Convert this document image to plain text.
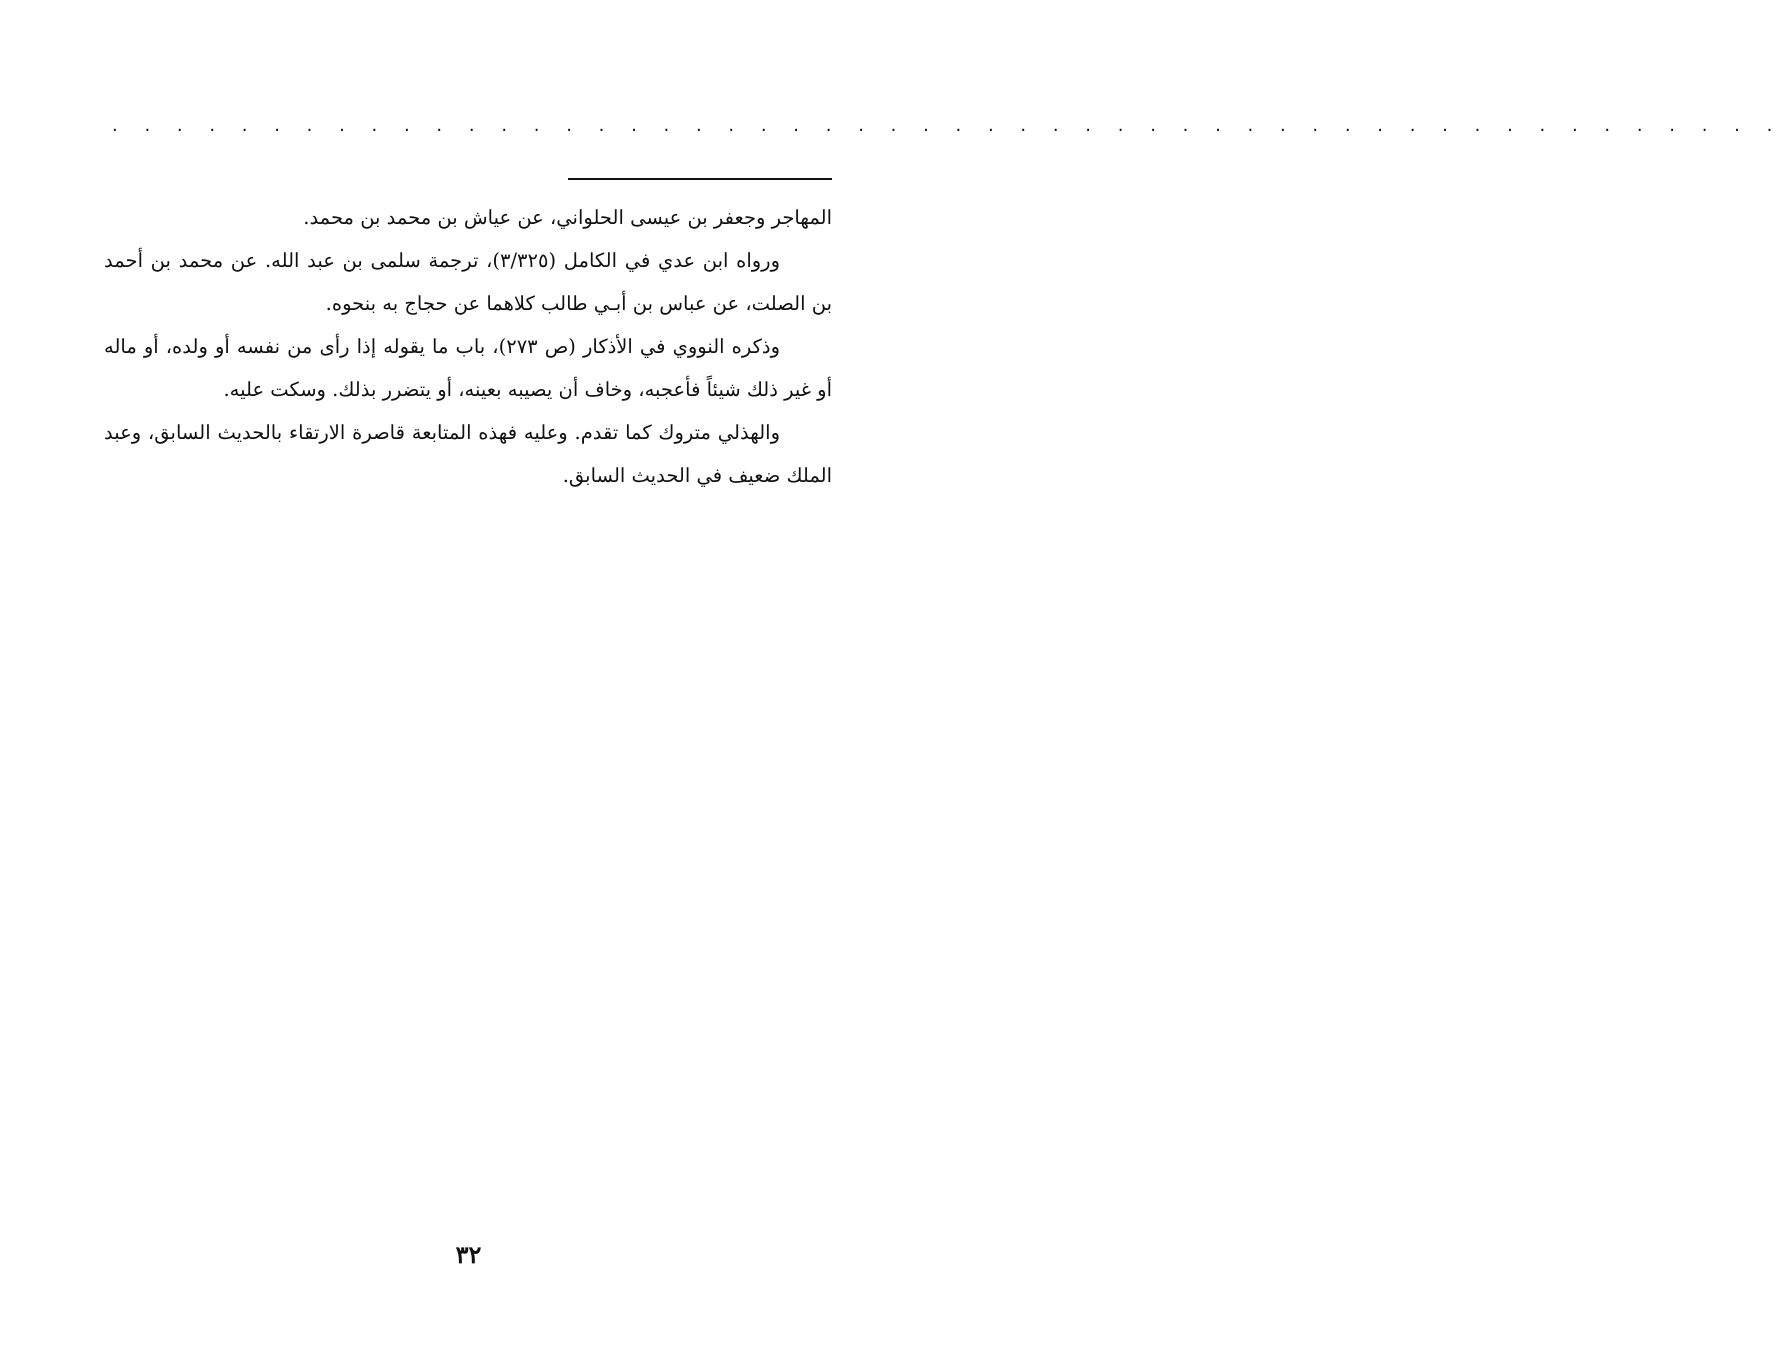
. . . . . . . . . . . . . . . . . . . . . . . . . . . . . . . . . . . . . . . . . . . . . . . . . . . .

المهاجر وجعفر بن عيسى الحلواني، عن عياش بن محمد بن محمد.

ورواه ابن عدي في الكامل (٣/٣٢٥)، ترجمة سلمى بن عبد الله. عن محمد بن أحمد بن الصلت، عن عباس بن أبـي طالب كلاهما عن حجاج به بنحوه.

وذكره النووي في الأذكار (ص ٢٧٣)، باب ما يقوله إذا رأى من نفسه أو ولده، أو ماله أو غير ذلك شيئاً فأعجبه، وخاف أن يصيبه بعينه، أو يتضرر بذلك. وسكت عليه.

والهذلي متروك كما تقدم. وعليه فهذه المتابعة قاصرة الارتقاء بالحديث السابق، وعبد الملك ضعيف في الحديث السابق.

٣٢
